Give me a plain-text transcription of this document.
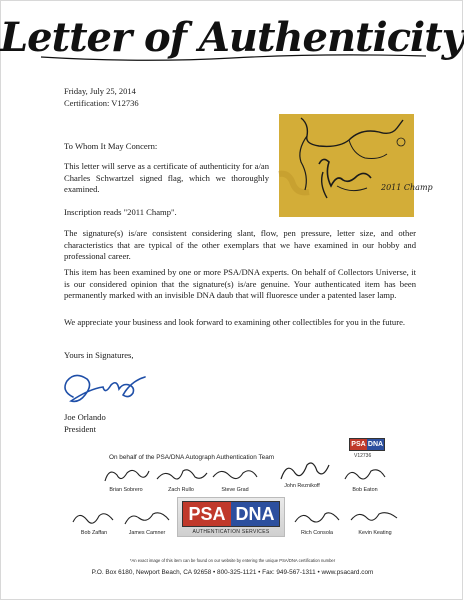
Letter of Authenticity
Friday, July 25, 2014
Certification: V12736
2011 Champ

To Whom It May Concern:

This letter will serve as a certificate of authenticity for a/an Charles Schwartzel signed flag, which we thoroughly examined.

Inscription reads "2011 Champ".

The signature(s) is/are consistent considering slant, flow, pen pressure, letter size, and other characteristics that are typical of the other exemplars that we have examined in our hobby and professional career.

This item has been examined by one or more PSA/DNA experts. On behalf of Collectors Universe, it is our considered opinion that the signature(s) is/are genuine. Your authenticated item has been permanently marked with an invisible DNA daub that will fluoresce under a patented laser lamp.

We appreciate your business and look forward to examining other collectibles for you in the future.

Yours in Signatures,

Joe Orlando
President
PSA DNA
V12736
On behalf of the PSA/DNA Autograph Authentication Team
Brian Sobrero	Zach Rullo	Steve Grad
John Reznikoff
Bob Eaton
Bob Zaffan	James Camner	Rich Consola	Kevin Keating
PSA DNA
AUTHENTICATION SERVICES
*An exact image of this item can be found on our website by entering the unique PSA/DNA certification number
P.O. Box 6180, Newport Beach, CA 92658 • 800-325-1121 • Fax: 949-567-1311 • www.psacard.com
